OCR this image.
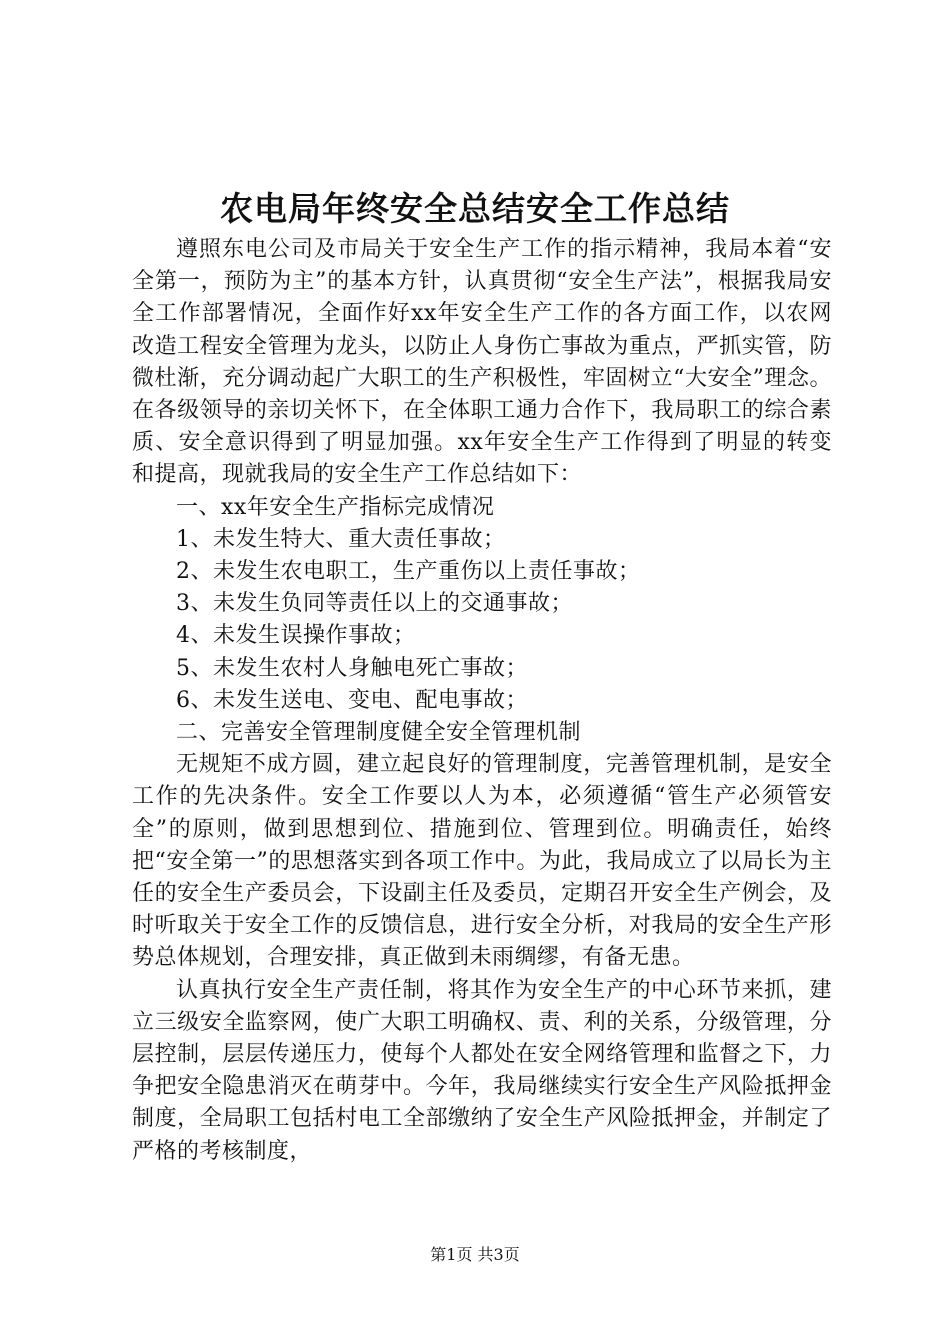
农电局年终安全总结安全工作总结

遵照东电公司及市局关于安全生产工作的指示精神，我局本着“安全第一，预防为主”的基本方针，认真贯彻“安全生产法”，根据我局安全工作部署情况，全面作好xx年安全生产工作的各方面工作，以农网改造工程安全管理为龙头，以防止人身伤亡事故为重点，严抓实管，防微杜渐，充分调动起广大职工的生产积极性，牢固树立“大安全”理念。在各级领导的亲切关怀下，在全体职工通力合作下，我局职工的综合素质、安全意识得到了明显加强。xx年安全生产工作得到了明显的转变和提高，现就我局的安全生产工作总结如下：

一、xx年安全生产指标完成情况

1、未发生特大、重大责任事故；

2、未发生农电职工，生产重伤以上责任事故；

3、未发生负同等责任以上的交通事故；

4、未发生误操作事故；

5、未发生农村人身触电死亡事故；

6、未发生送电、变电、配电事故；

二、完善安全管理制度健全安全管理机制

无规矩不成方圆，建立起良好的管理制度，完善管理机制，是安全工作的先决条件。安全工作要以人为本，必须遵循“管生产必须管安全”的原则，做到思想到位、措施到位、管理到位。明确责任，始终把“安全第一”的思想落实到各项工作中。为此，我局成立了以局长为主任的安全生产委员会，下设副主任及委员，定期召开安全生产例会，及时听取关于安全工作的反馈信息，进行安全分析，对我局的安全生产形势总体规划，合理安排，真正做到未雨绸缪，有备无患。

认真执行安全生产责任制，将其作为安全生产的中心环节来抓，建立三级安全监察网，使广大职工明确权、责、利的关系，分级管理，分层控制，层层传递压力，使每个人都处在安全网络管理和监督之下，力争把安全隐患消灭在萌芽中。今年，我局继续实行安全生产风险抵押金制度，全局职工包括村电工全部缴纳了安全生产风险抵押金，并制定了严格的考核制度，

第1页 共3页
